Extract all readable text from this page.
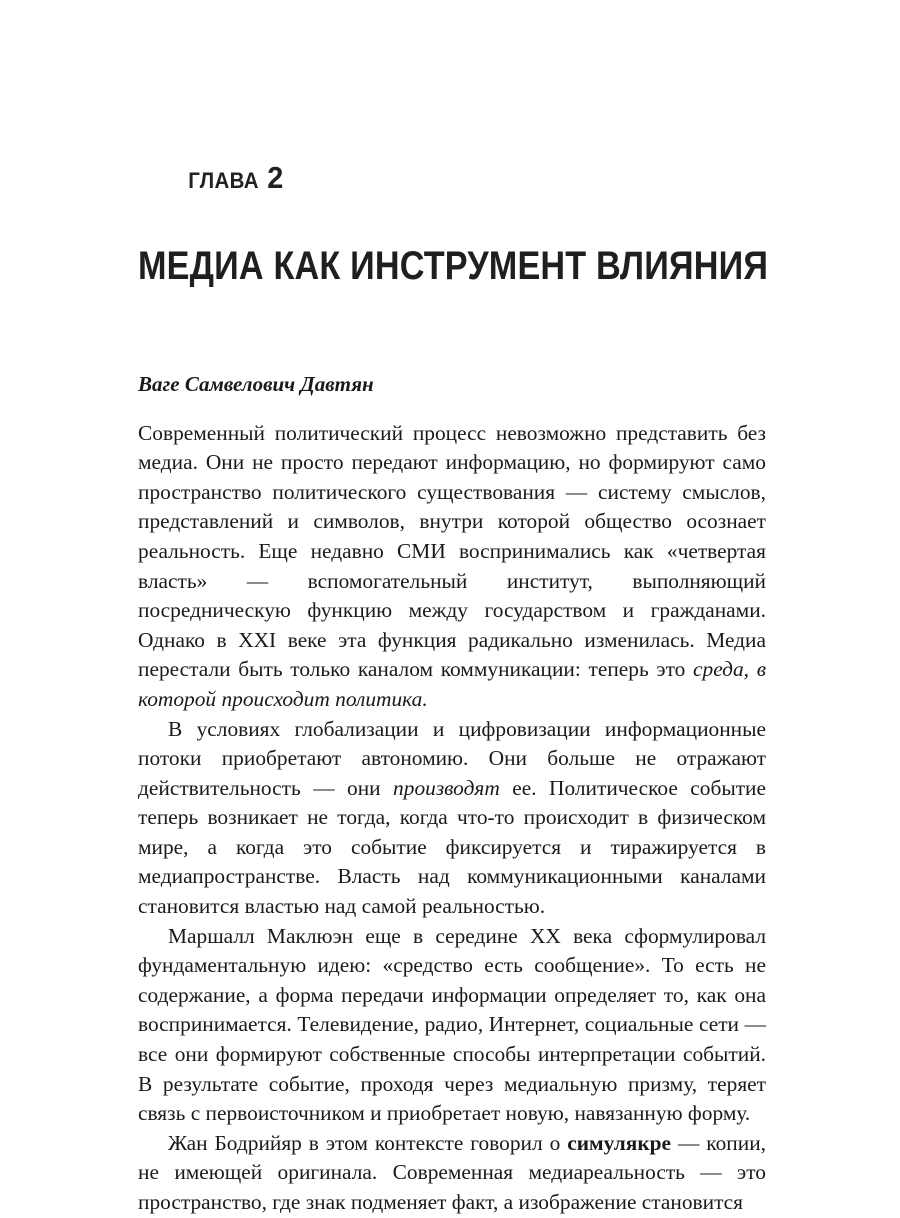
глава 2

МЕДИА КАК ИНСТРУМЕНТ ВЛИЯНИЯ
Ваге Самвелович Давтян

Современный политический процесс невозможно представить без медиа. Они не просто передают информацию, но формируют само пространство политического существования — систему смыслов, представлений и символов, внутри которой общество осознает реальность. Еще недавно СМИ воспринимались как «четвертая власть» — вспомогательный институт, выполняющий посредническую функцию между государством и гражданами. Однако в XXI веке эта функция радикально изменилась. Медиа перестали быть только каналом коммуникации: теперь это среда, в которой происходит политика.

В условиях глобализации и цифровизации информационные потоки приобретают автономию. Они больше не отражают действительность — они производят ее. Политическое событие теперь возникает не тогда, когда что-то происходит в физическом мире, а когда это событие фиксируется и тиражируется в медиапространстве. Власть над коммуникационными каналами становится властью над самой реальностью.

Маршалл Маклюэн еще в середине XX века сформулировал фундаментальную идею: «средство есть сообщение». То есть не содержание, а форма передачи информации определяет то, как она воспринимается. Телевидение, радио, Интернет, социальные сети — все они формируют собственные способы интерпретации событий. В результате событие, проходя через медиальную призму, теряет связь с первоисточником и приобретает новую, навязанную форму.

Жан Бодрийяр в этом контексте говорил о симулякре — копии, не имеющей оригинала. Современная медиареальность — это пространство, где знак подменяет факт, а изображение становится
